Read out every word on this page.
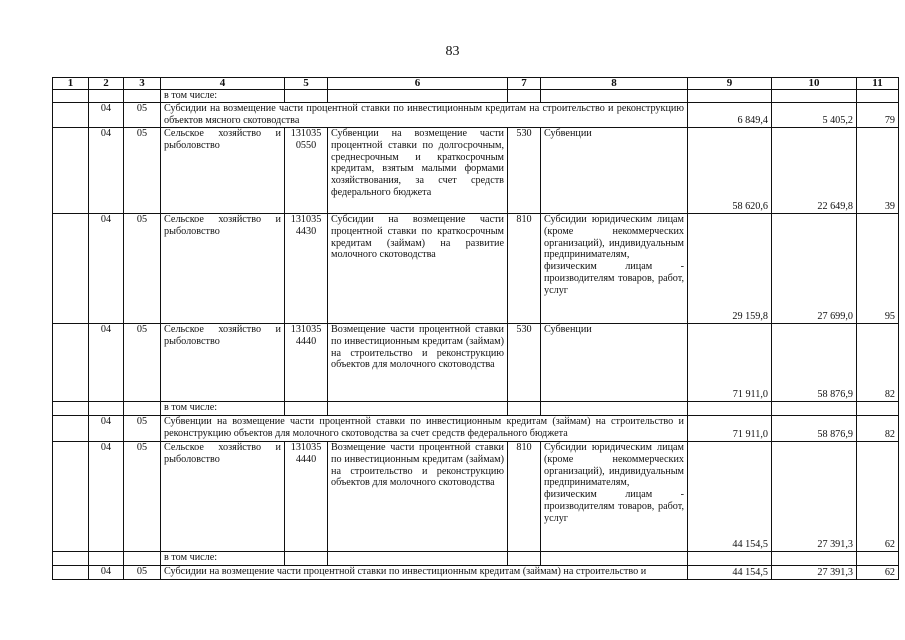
83
1	2	3	4	5	6	7	8	9	10	11
			в том числе:							
	04	05	Субсидии на возмещение части процентной ставки по инвестиционным кредитам на строительство и реконструкцию объектов мясного скотоводства					6 849,4	5 405,2	79
	04	05	Сельское хозяйство и рыболовство	131035 0550	Субвенции на возмещение части процентной ставки по долгосрочным, среднесрочным и краткосрочным кредитам, взятым малыми формами хозяйствования, за счет средств федерального бюджета	530	Субвенции	58 620,6	22 649,8	39
	04	05	Сельское хозяйство и рыболовство	131035 4430	Субсидии на возмещение части процентной ставки по краткосрочным кредитам (займам) на развитие молочного скотоводства	810	Субсидии юридическим лицам (кроме некоммерческих организаций), индивидуальным предпринимателям, физическим лицам - производителям товаров, работ, услуг	29 159,8	27 699,0	95
	04	05	Сельское хозяйство и рыболовство	131035 4440	Возмещение части процентной ставки по инвестиционным кредитам (займам) на строительство и реконструкцию объектов для молочного скотоводства	530	Субвенции	71 911,0	58 876,9	82
			в том числе:							
	04	05	Субвенции на возмещение части процентной ставки по инвестиционным кредитам (займам) на строительство и реконструкцию объектов для молочного скотоводства за счет средств федерального бюджета					71 911,0	58 876,9	82
	04	05	Сельское хозяйство и рыболовство	131035 4440	Возмещение части процентной ставки по инвестиционным кредитам (займам) на строительство и реконструкцию объектов для молочного скотоводства	810	Субсидии юридическим лицам (кроме некоммерческих организаций), индивидуальным предпринимателям, физическим лицам - производителям товаров, работ, услуг	44 154,5	27 391,3	62
			в том числе:							
	04	05	Субсидии на возмещение части процентной ставки по инвестиционным кредитам (займам) на строительство и					44 154,5	27 391,3	62
